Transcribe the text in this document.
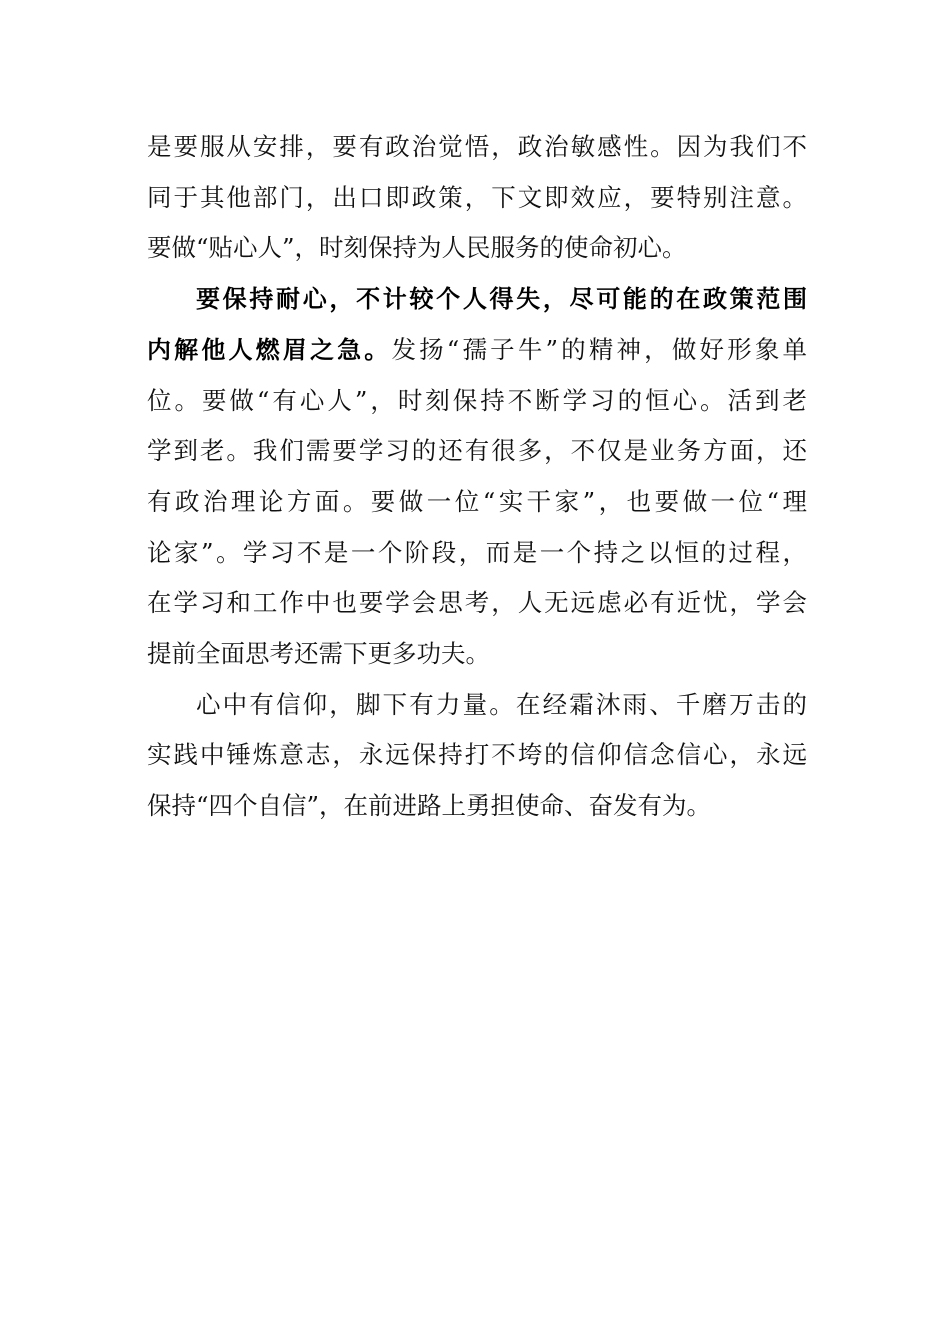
是要服从安排，要有政治觉悟，政治敏感性。因为我们不
同于其他部门，出口即政策，下文即效应，要特别注意。
要做“贴心人”，时刻保持为人民服务的使命初心。
要保持耐心，不计较个人得失，尽可能的在政策范围
内解他人燃眉之急。发扬“孺子牛”的精神，做好形象单
位。要做“有心人”，时刻保持不断学习的恒心。活到老
学到老。我们需要学习的还有很多，不仅是业务方面，还
有政治理论方面。要做一位“实干家”，也要做一位“理
论家”。学习不是一个阶段，而是一个持之以恒的过程，
在学习和工作中也要学会思考，人无远虑必有近忧，学会
提前全面思考还需下更多功夫。
心中有信仰，脚下有力量。在经霜沐雨、千磨万击的
实践中锤炼意志，永远保持打不垮的信仰信念信心，永远
保持“四个自信”，在前进路上勇担使命、奋发有为。
